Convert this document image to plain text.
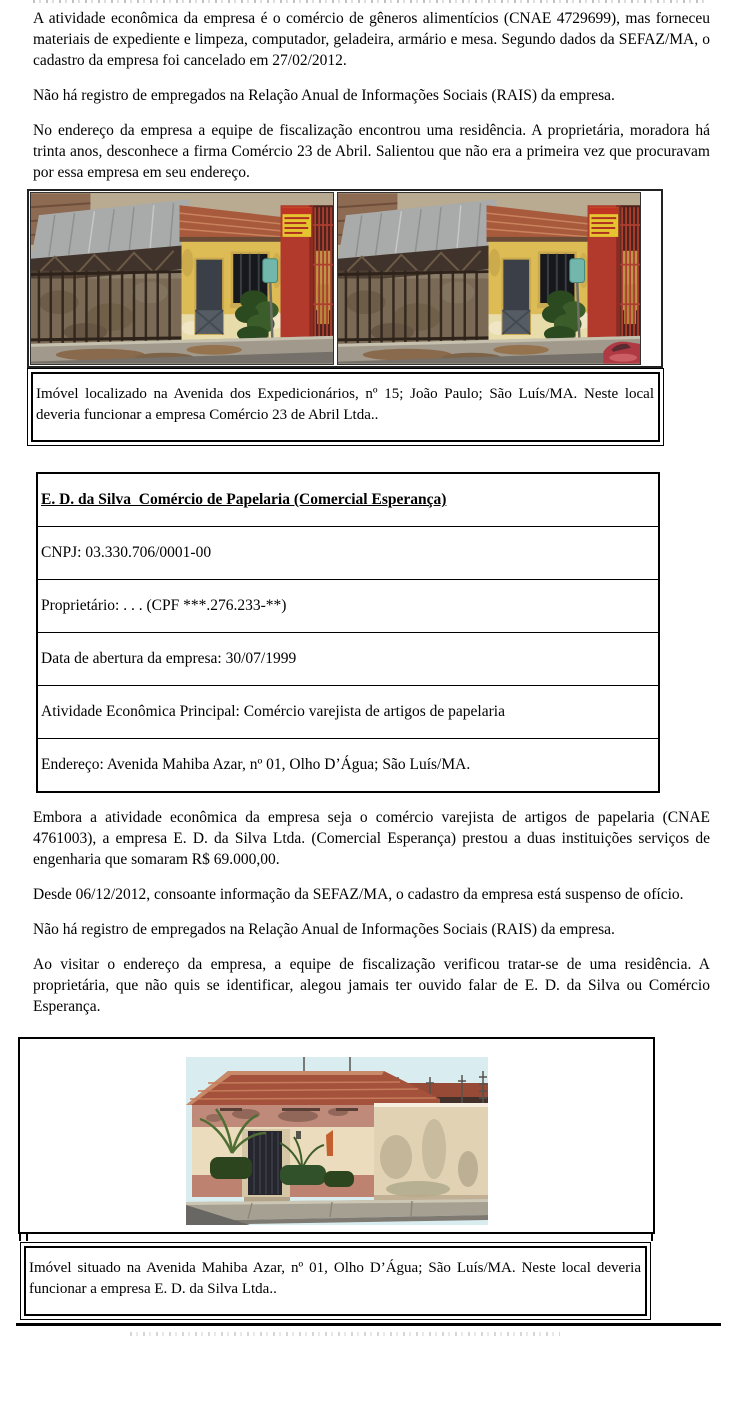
A atividade econômica da empresa é o comércio de gêneros alimentícios (CNAE 4729699), mas forneceu materiais de expediente e limpeza, computador, geladeira, armário e mesa. Segundo dados da SEFAZ/MA, o cadastro da empresa foi cancelado em 27/02/2012.

Não há registro de empregados na Relação Anual de Informações Sociais (RAIS) da empresa.

No endereço da empresa a equipe de fiscalização encontrou uma residência. A proprietária, moradora há trinta anos, desconhece a firma Comércio 23 de Abril. Salientou que não era a primeira vez que procuravam por essa empresa em seu endereço.

Imóvel localizado na Avenida dos Expedicionários, nº 15; João Paulo; São Luís/MA. Neste local deveria funcionar a empresa Comércio 23 de Abril Ltda..
E. D. da Silva  Comércio de Papelaria (Comercial Esperança)
CNPJ: 03.330.706/0001-00
Proprietário: . . . (CPF ***.276.233-**)
Data de abertura da empresa: 30/07/1999
Atividade Econômica Principal: Comércio varejista de artigos de papelaria
Endereço: Avenida Mahiba Azar, nº 01, Olho D’Água; São Luís/MA.

Embora a atividade econômica da empresa seja o comércio varejista de artigos de papelaria (CNAE 4761003), a empresa E. D. da Silva Ltda. (Comercial Esperança) prestou a duas instituições serviços de engenharia que somaram R$ 69.000,00.

Desde 06/12/2012, consoante informação da SEFAZ/MA, o cadastro da empresa está suspenso de ofício.

Não há registro de empregados na Relação Anual de Informações Sociais (RAIS) da empresa.

Ao visitar o endereço da empresa, a equipe de fiscalização verificou tratar-se de uma residência. A proprietária, que não quis se identificar, alegou jamais ter ouvido falar de E. D. da Silva ou Comércio Esperança.

Imóvel situado na Avenida Mahiba Azar, nº 01, Olho D’Água; São Luís/MA. Neste local deveria funcionar a empresa E. D. da Silva Ltda..
